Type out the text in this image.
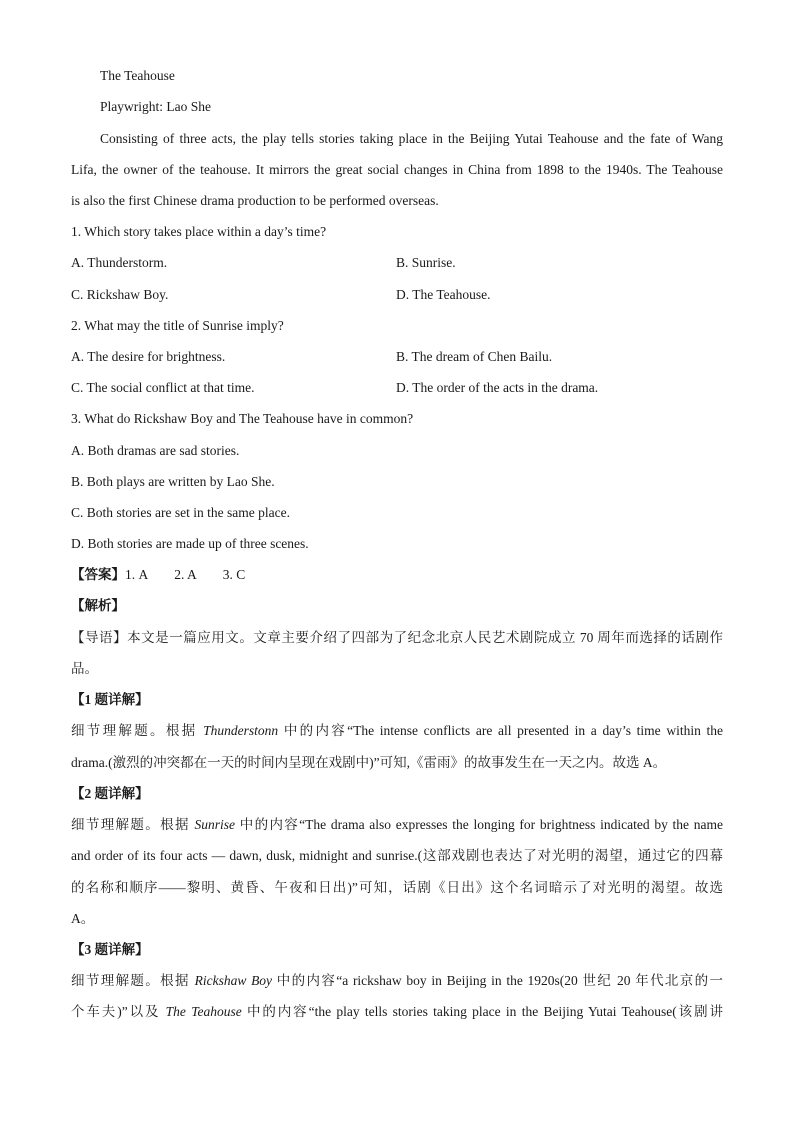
The Teahouse
Playwright: Lao She
Consisting of three acts, the play tells stories taking place in the Beijing Yutai Teahouse and the fate of Wang
Lifa, the owner of the teahouse. It mirrors the great social changes in China from 1898 to the 1940s. The Teahouse
is also the first Chinese drama production to be performed overseas.
1. Which story takes place within a day’s time?
A. Thunderstorm.	B. Sunrise.
C. Rickshaw Boy.	D. The Teahouse.
2. What may the title of Sunrise imply?
A. The desire for brightness.	B. The dream of Chen Bailu.
C. The social conflict at that time.	D. The order of the acts in the drama.
3. What do Rickshaw Boy and The Teahouse have in common?
A. Both dramas are sad stories.
B. Both plays are written by Lao She.
C. Both stories are set in the same place.
D. Both stories are made up of three scenes.
【答案】1. A 2. A 3. C
【解析】
【导语】本文是一篇应用文。文章主要介绍了四部为了纪念北京人民艺术剧院成立 70 周年而选择的话剧作
品。
【1 题详解】
细节理解题。根据 Thunderstonn 中的内容“The intense conflicts are all presented in a day’s time within the
drama.(激烈的冲突都在一天的时间内呈现在戏剧中)”可知,《雷雨》的故事发生在一天之内。故选 A。
【2 题详解】
细节理解题。根据 Sunrise 中的内容“The drama also expresses the longing for brightness indicated by the name
and order of its four acts — dawn, dusk, midnight and sunrise.(这部戏剧也表达了对光明的渴望，通过它的四幕
的名称和顺序——黎明、黄昏、午夜和日出)”可知，话剧《日出》这个名词暗示了对光明的渴望。故选
A。
【3 题详解】
细节理解题。根据 Rickshaw Boy 中的内容“a rickshaw boy in Beijing in the 1920s(20 世纪 20 年代北京的一
个车夫)”以及 The Teahouse 中的内容“the play tells stories taking place in the Beijing Yutai Teahouse(该剧讲
